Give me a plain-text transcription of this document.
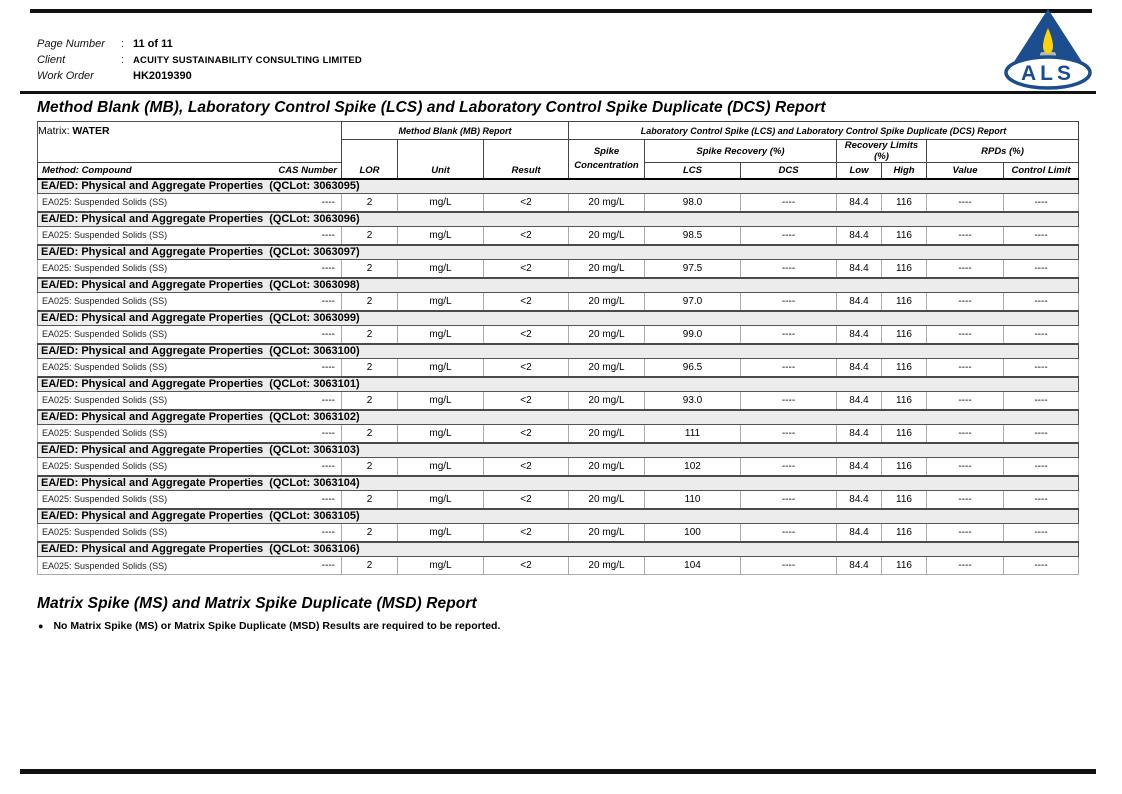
Page Number	: 11 of 11
Client	: ACUITY SUSTAINABILITY CONSULTING LIMITED
Work Order	HK2019390	ALS
Method Blank (MB), Laboratory Control Spike (LCS) and Laboratory Control Spike Duplicate (DCS) Report
Matrix: WATER	Method Blank (MB) Report			Laboratory Control Spike (LCS) and Laboratory Control Spike Duplicate (DCS) Report						
	LOR	Unit	Result	Spike
Concentration	Spike Recovery (%)		Recovery Limits (%)		RPDs (%)	

Method: Compound CAS Number					LCS	DCS	Low	High	Value	Control Limit
EA/ED: Physical and Aggregate Properties  (QCLot: 3063095)										

EA025: Suspended Solids (SS) ----	2	mg/L	<2	20 mg/L	98.0	----	84.4	116	----	----
EA/ED: Physical and Aggregate Properties  (QCLot: 3063096)										

EA025: Suspended Solids (SS) ----	2	mg/L	<2	20 mg/L	98.5	----	84.4	116	----	----
EA/ED: Physical and Aggregate Properties  (QCLot: 3063097)										

EA025: Suspended Solids (SS) ----	2	mg/L	<2	20 mg/L	97.5	----	84.4	116	----	----
EA/ED: Physical and Aggregate Properties  (QCLot: 3063098)										

EA025: Suspended Solids (SS) ----	2	mg/L	<2	20 mg/L	97.0	----	84.4	116	----	----
EA/ED: Physical and Aggregate Properties  (QCLot: 3063099)										

EA025: Suspended Solids (SS) ----	2	mg/L	<2	20 mg/L	99.0	----	84.4	116	----	----
EA/ED: Physical and Aggregate Properties  (QCLot: 3063100)										

EA025: Suspended Solids (SS) ----	2	mg/L	<2	20 mg/L	96.5	----	84.4	116	----	----
EA/ED: Physical and Aggregate Properties  (QCLot: 3063101)										

EA025: Suspended Solids (SS) ----	2	mg/L	<2	20 mg/L	93.0	----	84.4	116	----	----
EA/ED: Physical and Aggregate Properties  (QCLot: 3063102)										

EA025: Suspended Solids (SS) ----	2	mg/L	<2	20 mg/L	111	----	84.4	116	----	----
EA/ED: Physical and Aggregate Properties  (QCLot: 3063103)										

EA025: Suspended Solids (SS) ----	2	mg/L	<2	20 mg/L	102	----	84.4	116	----	----
EA/ED: Physical and Aggregate Properties  (QCLot: 3063104)										

EA025: Suspended Solids (SS) ----	2	mg/L	<2	20 mg/L	110	----	84.4	116	----	----
EA/ED: Physical and Aggregate Properties  (QCLot: 3063105)										

EA025: Suspended Solids (SS) ----	2	mg/L	<2	20 mg/L	100	----	84.4	116	----	----
EA/ED: Physical and Aggregate Properties  (QCLot: 3063106)										

EA025: Suspended Solids (SS) ----	2	mg/L	<2	20 mg/L	104	----	84.4	116	----	----
Matrix Spike (MS) and Matrix Spike Duplicate (MSD) Report
● No Matrix Spike (MS) or Matrix Spike Duplicate (MSD) Results are required to be reported.
